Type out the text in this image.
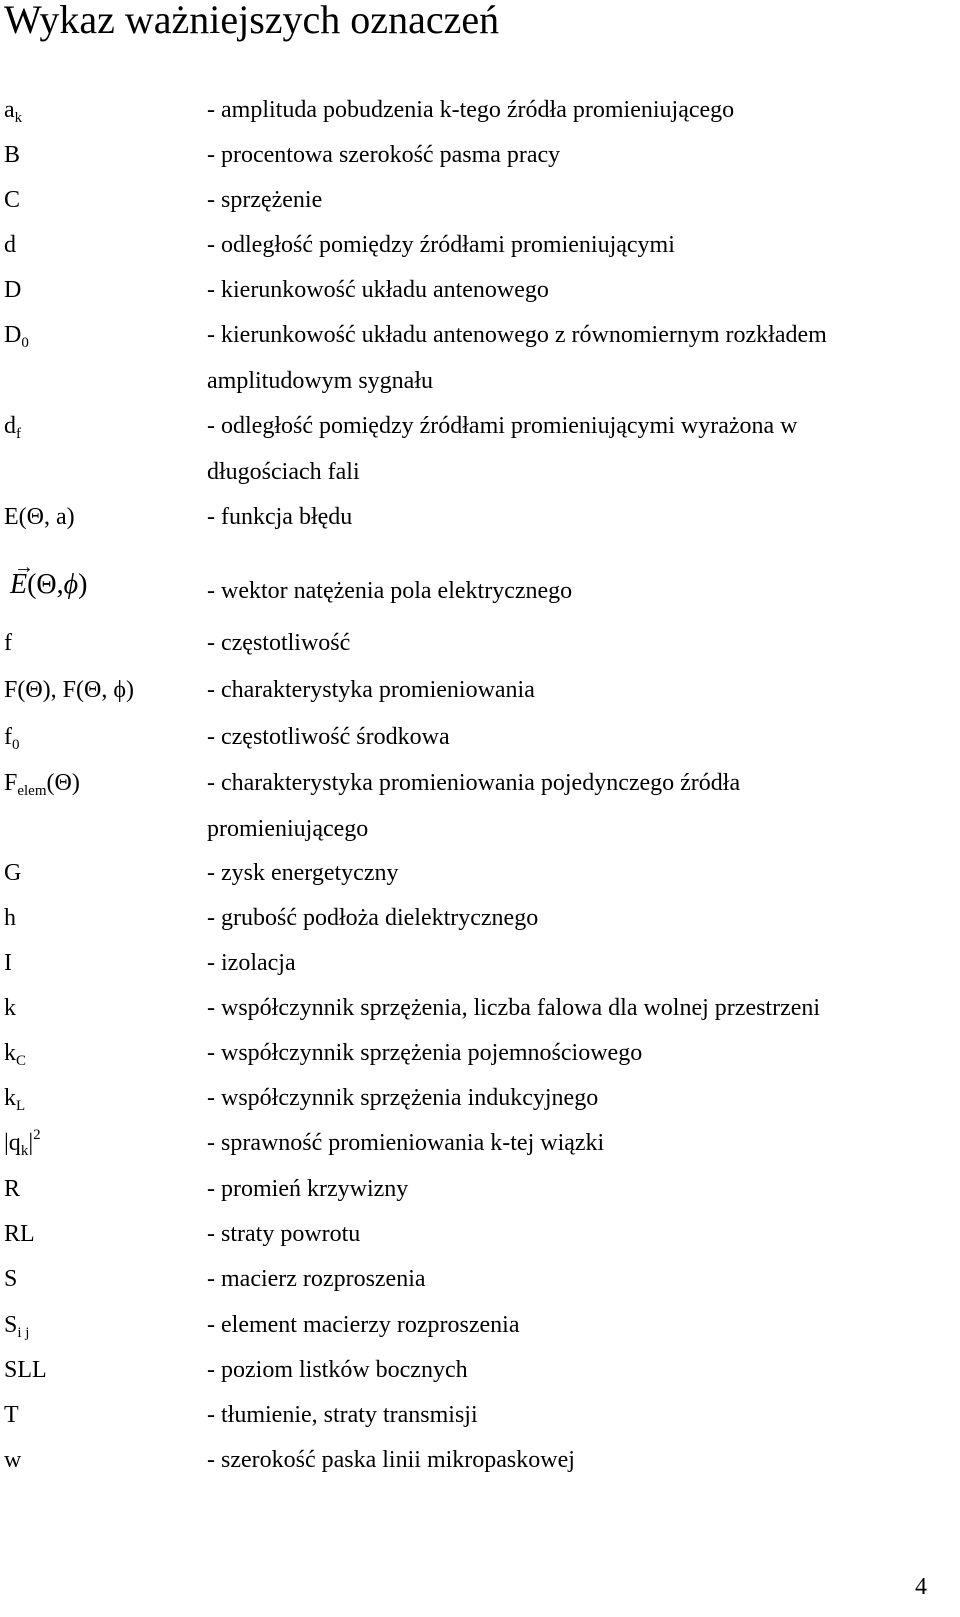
Wykaz ważniejszych oznaczeń
$a_k$	- amplituda pobudzenia k-tego źródła promieniującego
B	- procentowa szerokość pasma pracy
C	- sprzężenie
d	- odległość pomiędzy źródłami promieniującymi
D	- kierunkowość układu antenowego
$D_0$	- kierunkowość układu antenowego z równomiernym rozkładem
amplitudowym sygnału
$d_f$	- odległość pomiędzy źródłami promieniującymi wyrażona w
długościach fali
E(Θ, a)	- funkcja błędu
→
E(Θ,ϕ)	- wektor natężenia pola elektrycznego
f	- częstotliwość
F(Θ), F(Θ, ϕ)	- charakterystyka promieniowania
$f_0$	- częstotliwość środkowa
$F_{elem}(\Theta)$	- charakterystyka promieniowania pojedynczego źródła
promieniującego
G	- zysk energetyczny
h	- grubość podłoża dielektrycznego
I	- izolacja
k	- współczynnik sprzężenia, liczba falowa dla wolnej przestrzeni
$k_C$	- współczynnik sprzężenia pojemnościowego
$k_L$	- współczynnik sprzężenia indukcyjnego
$|q_k|^2$	- sprawność promieniowania k-tej wiązki
R	- promień krzywizny
RL	- straty powrotu
S	- macierz rozproszenia
$S_{i j}$	- element macierzy rozproszenia
SLL	- poziom listków bocznych
T	- tłumienie, straty transmisji
w	- szerokość paska linii mikropaskowej
4
